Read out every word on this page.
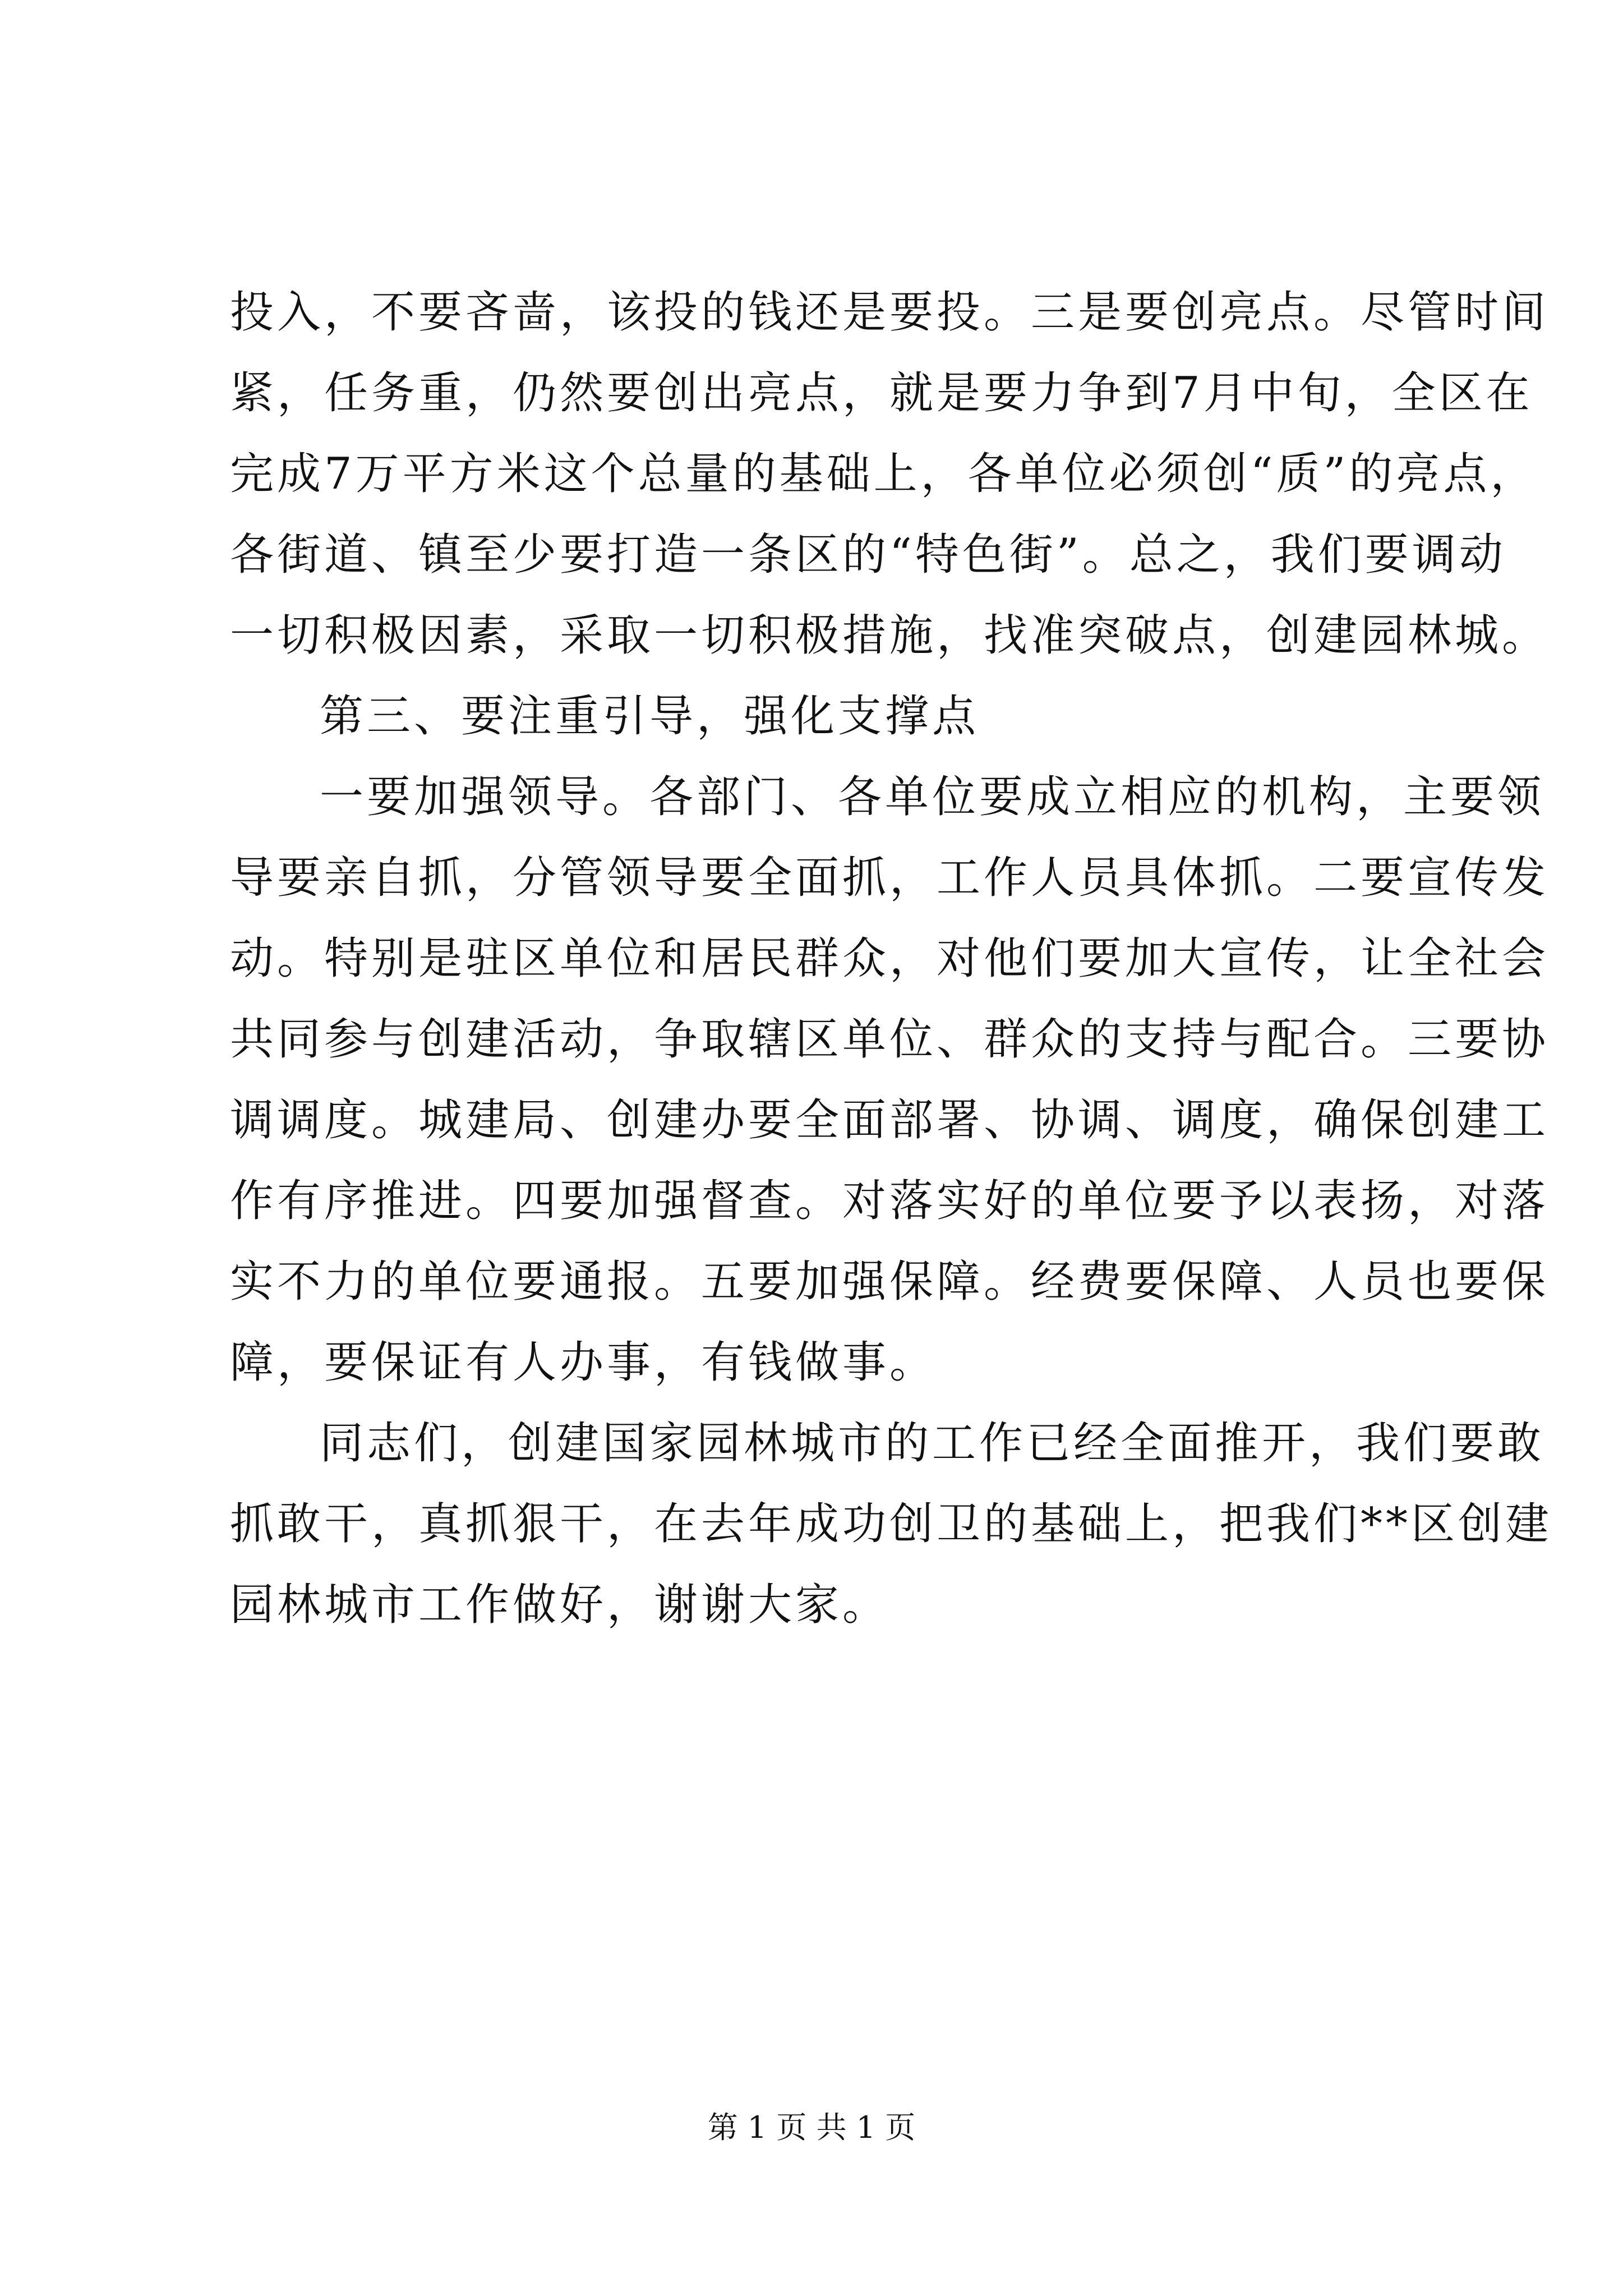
投入，不要吝啬，该投的钱还是要投。三是要创亮点。尽管时间
紧，任务重，仍然要创出亮点，就是要力争到7月中旬，全区在
完成7万平方米这个总量的基础上，各单位必须创“质”的亮点，
各街道、镇至少要打造一条区的“特色街”。总之，我们要调动
一切积极因素，采取一切积极措施，找准突破点，创建园林城。
第三、要注重引导，强化支撑点
一要加强领导。各部门、各单位要成立相应的机构，主要领
导要亲自抓，分管领导要全面抓，工作人员具体抓。二要宣传发
动。特别是驻区单位和居民群众，对他们要加大宣传，让全社会
共同参与创建活动，争取辖区单位、群众的支持与配合。三要协
调调度。城建局、创建办要全面部署、协调、调度，确保创建工
作有序推进。四要加强督查。对落实好的单位要予以表扬，对落
实不力的单位要通报。五要加强保障。经费要保障、人员也要保
障，要保证有人办事，有钱做事。
同志们，创建国家园林城市的工作已经全面推开，我们要敢
抓敢干，真抓狠干，在去年成功创卫的基础上，把我们**区创建
园林城市工作做好，谢谢大家。
第 1 页 共 1 页
